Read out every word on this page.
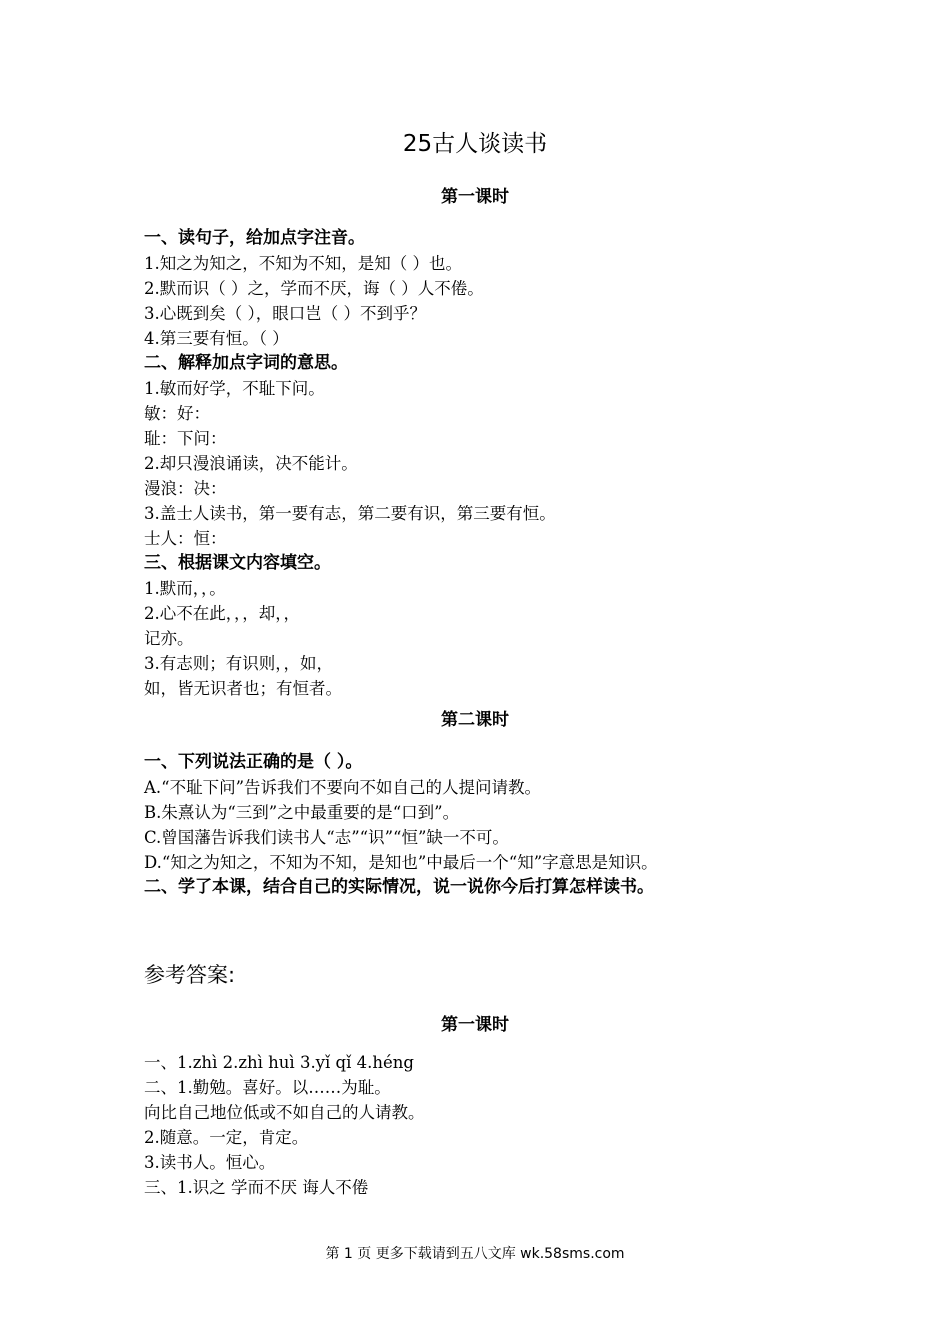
25古人谈读书
第一课时
一、读句子，给加点字注音。
1.知之为知之，不知为不知，是知（ ）也。
2.默而识（ ）之，学而不厌，诲（ ）人不倦。
3.心既到矣（ ），眼口岂（ ）不到乎？
4.第三要有恒。（ ）
二、解释加点字词的意思。
1.敏而好学，不耻下问。
敏：好：
耻：下问：
2.却只漫浪诵读，决不能计。
漫浪：决：
3.盖士人读书，第一要有志，第二要有识，第三要有恒。
士人：恒：
三、根据课文内容填空。
1.默而，，。
2.心不在此，，，却，，
记亦。
3.有志则；有识则，，如，
如，皆无识者也；有恒者。
第二课时
一、下列说法正确的是（ ）。
A.“不耻下问”告诉我们不要向不如自己的人提问请教。
B.朱熹认为“三到”之中最重要的是“口到”。
C.曾国藩告诉我们读书人“志”“识”“恒”缺一不可。
D.“知之为知之，不知为不知，是知也”中最后一个“知”字意思是知识。
二、学了本课，结合自己的实际情况，说一说你今后打算怎样读书。
参考答案:
第一课时
一、1.zhì 2.zhì huì 3.yǐ qǐ 4.héng
二、1.勤勉。喜好。以……为耻。
向比自己地位低或不如自己的人请教。
2.随意。一定，肯定。
3.读书人。恒心。
三、1.识之 学而不厌 诲人不倦
第 1 页 更多下载请到五八文库 wk.58sms.com
